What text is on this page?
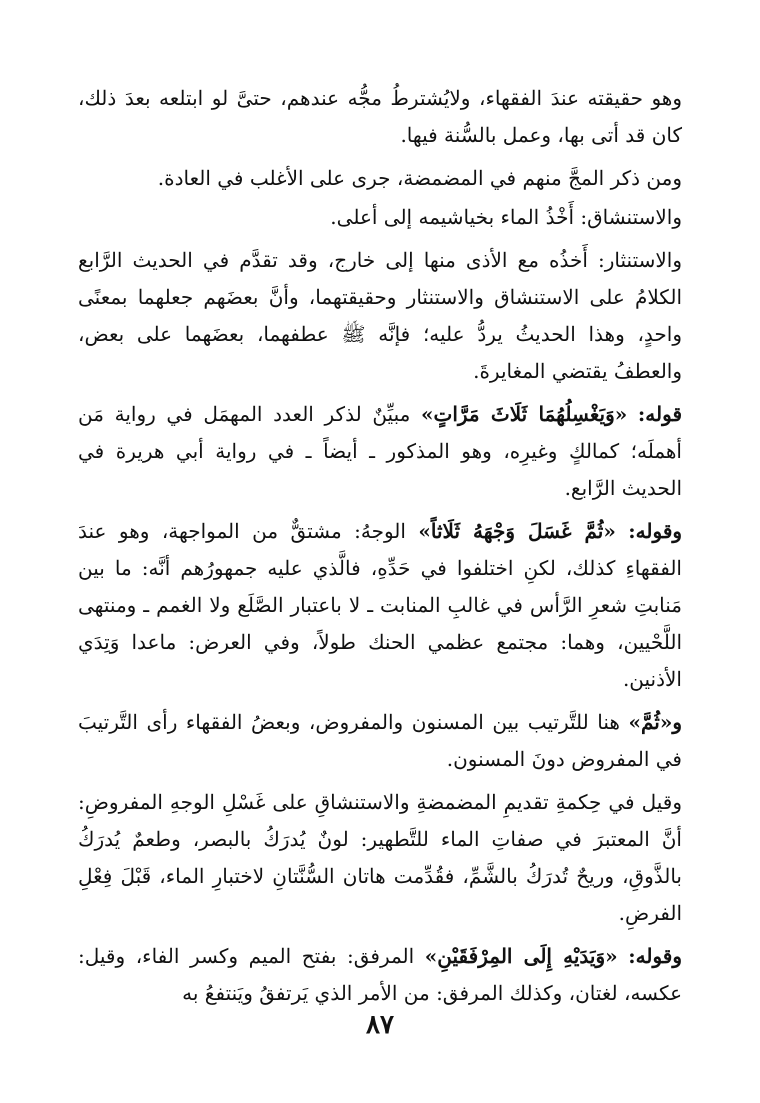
وهو حقيقته عندَ الفقهاء، ولايُشترطُ مجُّه عندهم، حتىَّ لو ابتلعه بعدَ ذلك، كان قد أتى بها، وعمل بالسُّنة فيها.

ومن ذكر المجَّ منهم في المضمضة، جرى على الأغلب في العادة.

والاستنشاق: أَخْذُ الماء بخياشيمه إلى أعلى.

والاستنثار: أَخذُه مع الأذى منها إلى خارج، وقد تقدَّم في الحديث الرَّابع الكلامُ على الاستنشاق والاستنثار وحقيقتهما، وأنَّ بعضَهم جعلهما بمعنًى واحدٍ، وهذا الحديثُ يردُّ عليه؛ فإنَّه ﷺ عطفهما، بعضَهما على بعض، والعطفُ يقتضي المغايرةَ.

قوله: «وَيَغْسِلُهُمَا ثَلَاثَ مَرَّاتٍ» مبيِّنٌ لذكر العدد المهمَل في رواية مَن أهملَه؛ كمالكٍ وغيرِه، وهو المذكور ـ أيضاً ـ في رواية أبي هريرة في الحديث الرَّابع.

وقوله: «ثُمَّ غَسَلَ وَجْهَهُ ثَلَاثاً» الوجهُ: مشتقٌّ من المواجهة، وهو عندَ الفقهاءِ كذلك، لكنِ اختلفوا في حَدِّهِ، فالَّذي عليه جمهورُهم أنَّه: ما بين مَنابتِ شعرِ الرَّأس في غالبِ المنابت ـ لا باعتبار الصَّلَع ولا الغمم ـ ومنتهى اللَّحْيين، وهما: مجتمع عظمي الحنك طولاً، وفي العرض: ماعدا وَتِدَي الأذنين.

و«ثُمَّ» هنا للتَّرتيب بين المسنون والمفروض، وبعضُ الفقهاء رأى التَّرتيبَ في المفروض دونَ المسنون.

وقيل في حِكمةِ تقديمِ المضمضةِ والاستنشاقِ على غَسْلِ الوجهِ المفروضِ: أنَّ المعتبرَ في صفاتِ الماء للتَّطهير: لونٌ يُدرَكُ بالبصر، وطعمٌ يُدرَكُ بالذَّوقِ، وريحٌ تُدرَكُ بالشَّمِّ، فقُدِّمت هاتان السُّنَّتانِ لاختبارِ الماء، قَبْلَ فِعْلِ الفرضِ.

وقوله: «وَيَدَيْهِ إِلَى المِرْفَقَيْنِ» المرفق: بفتح الميم وكسر الفاء، وقيل: عكسه، لغتان، وكذلك المرفق: من الأمر الذي يَرتفقُ ويَنتفعُ به

٨٧
